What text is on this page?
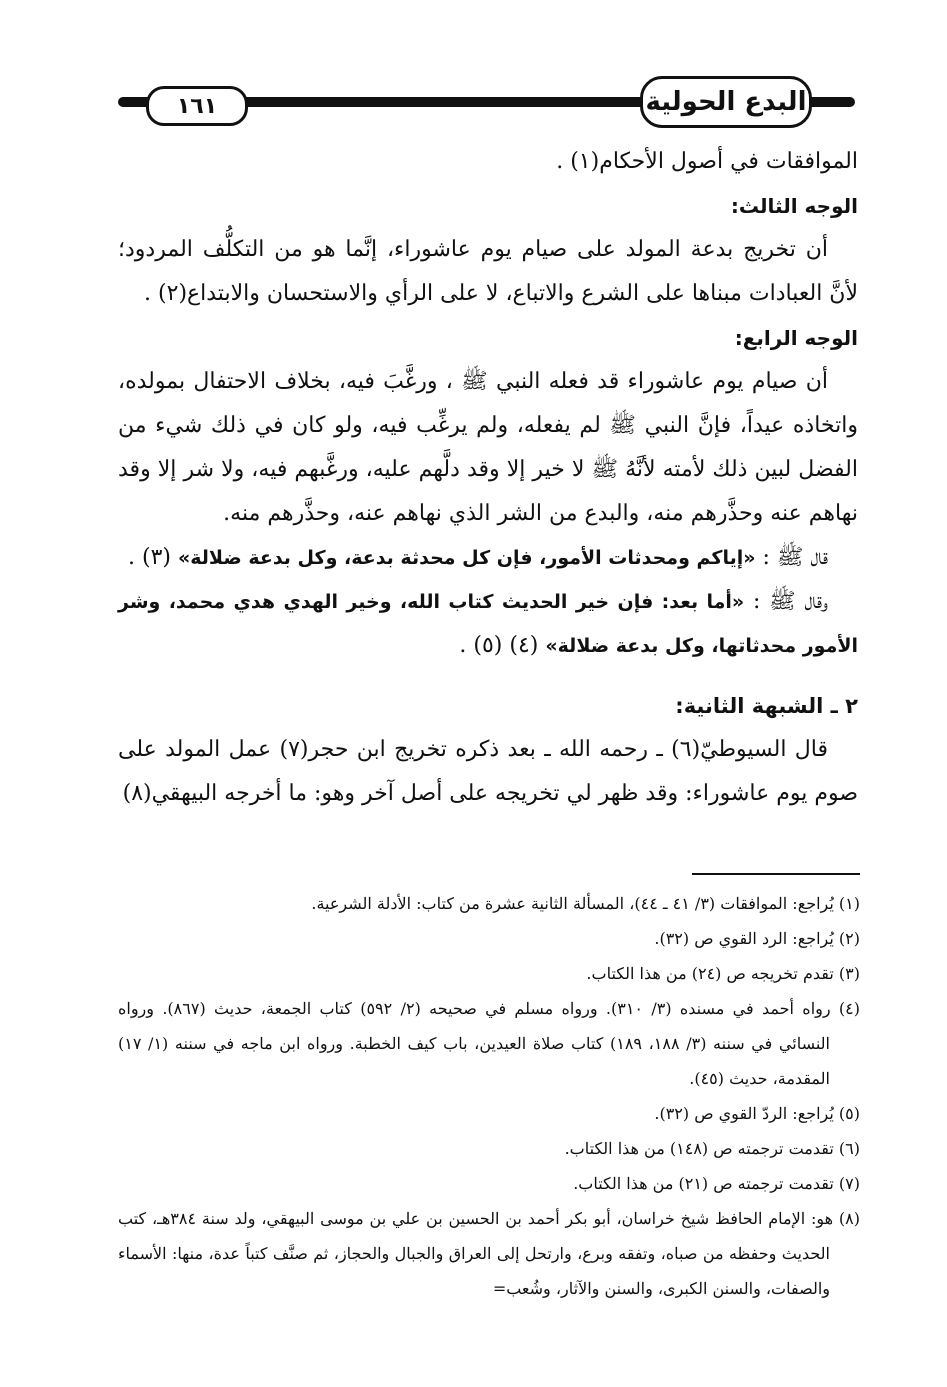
١٦١	البدع الحولية

الموافقات في أصول الأحكام(١) .

الوجه الثالث:

أن تخريج بدعة المولد على صيام يوم عاشوراء، إنَّما هو من التكلُّف المردود؛ لأنَّ العبادات مبناها على الشرع والاتباع، لا على الرأي والاستحسان والابتداع(٢) .

الوجه الرابع:

أن صيام يوم عاشوراء قد فعله النبي ﷺ ، ورغَّبَ فيه، بخلاف الاحتفال بمولده، واتخاذه عيداً، فإنَّ النبي ﷺ لم يفعله، ولم يرغِّب فيه، ولو كان في ذلك شيء من الفضل لبين ذلك لأمته لأنَّهُ ﷺ لا خير إلا وقد دلَّهم عليه، ورغَّبهم فيه، ولا شر إلا وقد نهاهم عنه وحذَّرهم منه، والبدع من الشر الذي نهاهم عنه، وحذَّرهم منه.

قال ﷺ : «إياكم ومحدثات الأمور، فإن كل محدثة بدعة، وكل بدعة ضلالة» (٣) .

وقال ﷺ : «أما بعد: فإن خير الحديث كتاب الله، وخير الهدي هدي محمد، وشر الأمور محدثاتها، وكل بدعة ضلالة» (٤) (٥) .

٢ ـ الشبهة الثانية:

قال السيوطيّ(٦) ـ رحمه الله ـ بعد ذكره تخريج ابن حجر(٧) عمل المولد على صوم يوم عاشوراء: وقد ظهر لي تخريجه على أصل آخر وهو: ما أخرجه البيهقي(٨)

(١) يُراجع: الموافقات (٣/ ٤١ ـ ٤٤)، المسألة الثانية عشرة من كتاب: الأدلة الشرعية.

(٢) يُراجع: الرد القوي ص (٣٢).

(٣) تقدم تخريجه ص (٢٤) من هذا الكتاب.

(٤) رواه أحمد في مسنده (٣/ ٣١٠). ورواه مسلم في صحيحه (٢/ ٥٩٢) كتاب الجمعة، حديث (٨٦٧). ورواه النسائي في سننه (٣/ ١٨٨، ١٨٩) كتاب صلاة العيدين، باب كيف الخطبة. ورواه ابن ماجه في سننه (١/ ١٧) المقدمة، حديث (٤٥).

(٥) يُراجع: الردّ القوي ص (٣٢).

(٦) تقدمت ترجمته ص (١٤٨) من هذا الكتاب.

(٧) تقدمت ترجمته ص (٢١) من هذا الكتاب.

(٨) هو: الإمام الحافظ شيخ خراسان، أبو بكر أحمد بن الحسين بن علي بن موسى البيهقي، ولد سنة ٣٨٤هـ، كتب الحديث وحفظه من صباه، وتفقه وبرع، وارتحل إلى العراق والجبال والحجاز، ثم صنَّف كتباً عدة، منها: الأسماء والصفات، والسنن الكبرى، والسنن والآثار، وشُعب=
